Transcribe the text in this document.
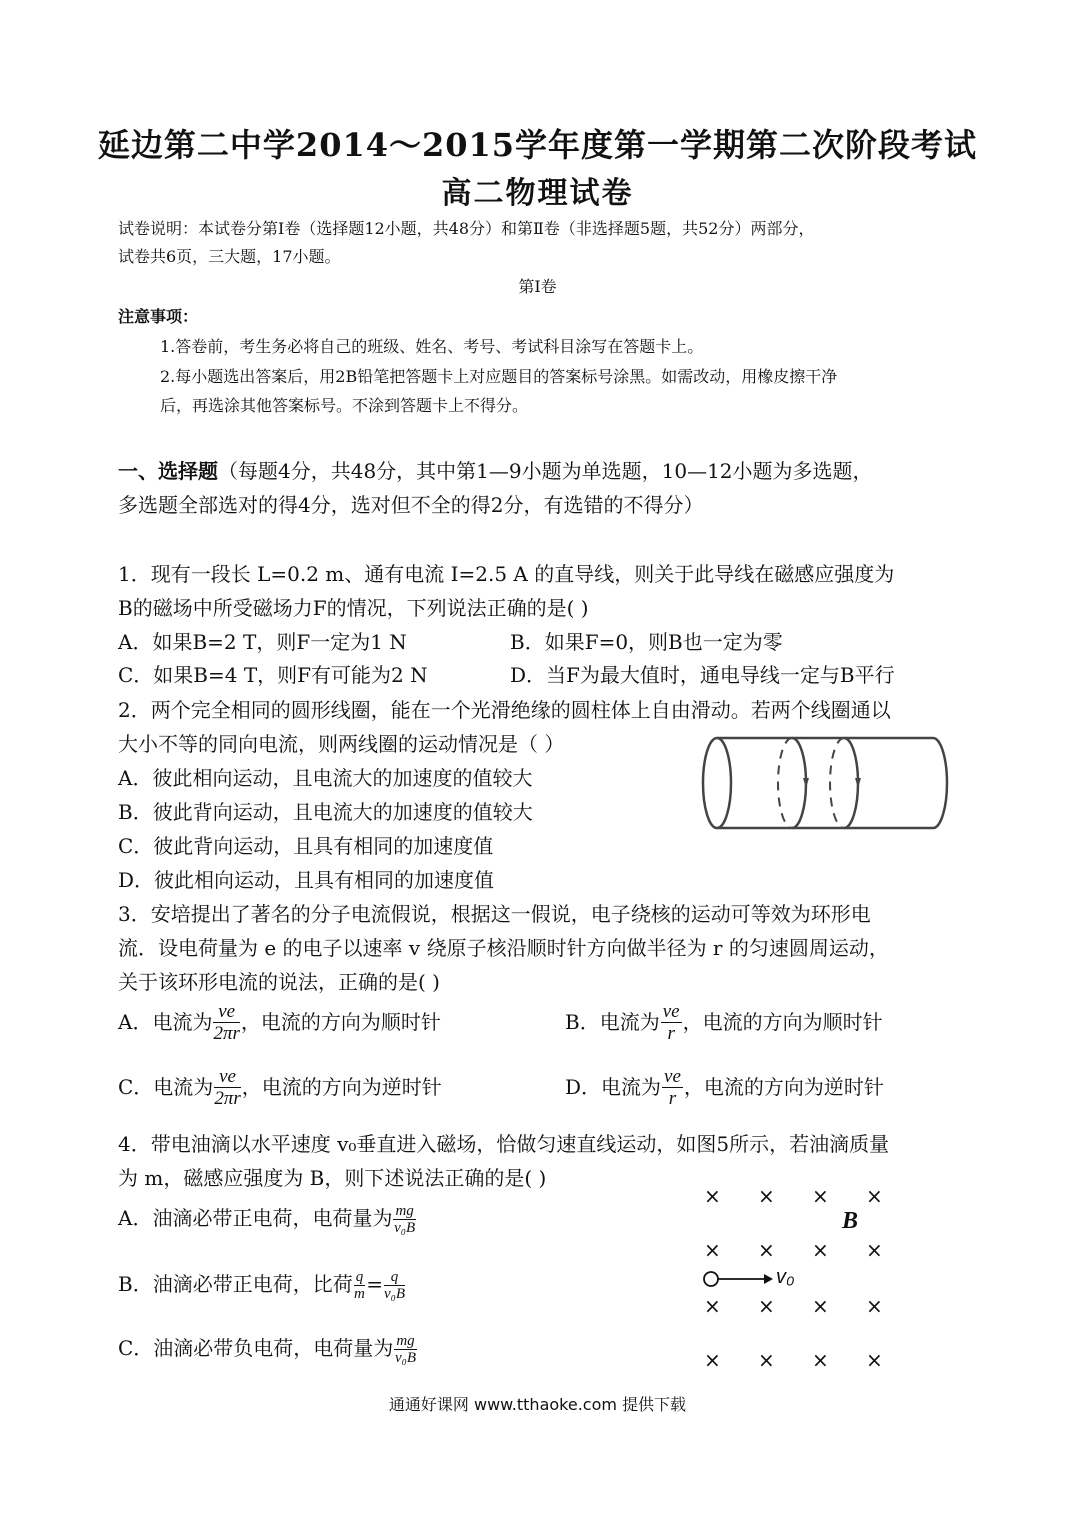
延边第二中学2014～2015学年度第一学期第二次阶段考试
高二物理试卷
试卷说明：本试卷分第Ⅰ卷（选择题12小题，共48分）和第Ⅱ卷（非选择题5题，共52分）两部分，
试卷共6页，三大题，17小题。
第Ⅰ卷
注意事项：
1.答卷前，考生务必将自己的班级、姓名、考号、考试科目涂写在答题卡上。
2.每小题选出答案后，用2B铅笔把答题卡上对应题目的答案标号涂黑。如需改动，用橡皮擦干净
后，再选涂其他答案标号。不涂到答题卡上不得分。
一、选择题（每题4分，共48分，其中第1—9小题为单选题，10—12小题为多选题，
多选题全部选对的得4分，选对但不全的得2分，有选错的不得分）
1．现有一段长 L=0.2 m、通有电流 I=2.5 A 的直导线，则关于此导线在磁感应强度为
B的磁场中所受磁场力F的情况，下列说法正确的是( )
A．如果B=2 T，则F一定为1 N	B．如果F=0，则B也一定为零
C．如果B=4 T，则F有可能为2 N	D．当F为最大值时，通电导线一定与B平行
2．两个完全相同的圆形线圈，能在一个光滑绝缘的圆柱体上自由滑动。若两个线圈通以
大小不等的同向电流，则两线圈的运动情况是（ ）
A．彼此相向运动，且电流大的加速度的值较大
B．彼此背向运动，且电流大的加速度的值较大
C．彼此背向运动，且具有相同的加速度值
D．彼此相向运动，且具有相同的加速度值
3．安培提出了著名的分子电流假说，根据这一假说，电子绕核的运动可等效为环形电
流．设电荷量为 e 的电子以速率 v 绕原子核沿顺时针方向做半径为 r 的匀速圆周运动，
关于该环形电流的说法，正确的是( )
A．电流为 $\frac{ve}{2\pi r}$ ，电流的方向为顺时针	B．电流为 $\frac{ve}{r}$ ，电流的方向为顺时针
C．电流为 $\frac{ve}{2\pi r}$ ，电流的方向为逆时针	D．电流为 $\frac{ve}{r}$ ，电流的方向为逆时针
4．带电油滴以水平速度 v₀垂直进入磁场，恰做匀速直线运动，如图5所示，若油滴质量
为 m，磁感应强度为 B，则下述说法正确的是( )
A．油滴必带正电荷，电荷量为 $\frac{mg}{\text{v₀B}}$
B．油滴必带正电荷，比荷 $\frac{q}{m} = \frac{q}{\text{v₀B}}$
C．油滴必带负电荷，电荷量为 $\frac{mg}{\text{v₀B}}$
× × × ×
B
× × × ×
v₀
× × × ×
× × × ×
通通好课网 www.tthaoke.com 提供下载
